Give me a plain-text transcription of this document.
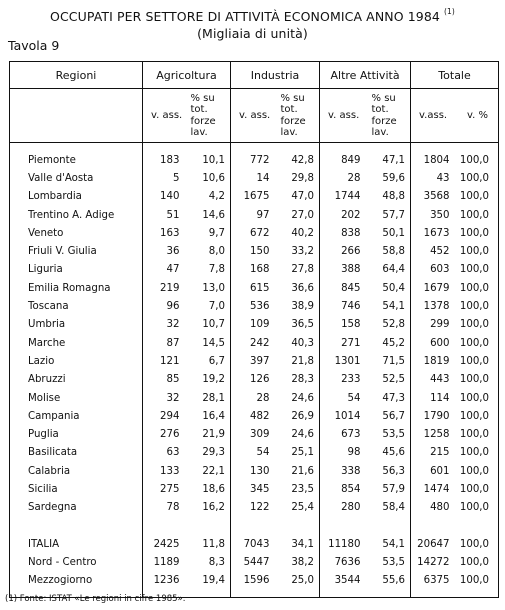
OCCUPATI PER SETTORE DI ATTIVITÀ ECONOMICA ANNO 1984 $^{(1)}$
(Migliaia di unità)
Tavola 9
Regioni	Agricoltura		Industria		Altre Attività		Totale	
	v. ass.	% su tot.
forze
lav.	v. ass.	% su tot.
forze
lav.	v. ass.	% su tot.
forze
lav.	v.ass.	v. %

Piemonte	183	10,1	772	42,8	849	47,1	1804	100,0
Valle d'Aosta	5	10,6	14	29,8	28	59,6	43	100,0
Lombardia	140	4,2	1675	47,0	1744	48,8	3568	100,0
Trentino A. Adige	51	14,6	97	27,0	202	57,7	350	100,0
Veneto	163	9,7	672	40,2	838	50,1	1673	100,0
Friuli V. Giulia	36	8,0	150	33,2	266	58,8	452	100,0
Liguria	47	7,8	168	27,8	388	64,4	603	100,0
Emilia Romagna	219	13,0	615	36,6	845	50,4	1679	100,0
Toscana	96	7,0	536	38,9	746	54,1	1378	100,0
Umbria	32	10,7	109	36,5	158	52,8	299	100,0
Marche	87	14,5	242	40,3	271	45,2	600	100,0
Lazio	121	6,7	397	21,8	1301	71,5	1819	100,0
Abruzzi	85	19,2	126	28,3	233	52,5	443	100,0
Molise	32	28,1	28	24,6	54	47,3	114	100,0
Campania	294	16,4	482	26,9	1014	56,7	1790	100,0
Puglia	276	21,9	309	24,6	673	53,5	1258	100,0
Basilicata	63	29,3	54	25,1	98	45,6	215	100,0
Calabria	133	22,1	130	21,6	338	56,3	601	100,0
Sicilia	275	18,6	345	23,5	854	57,9	1474	100,0
Sardegna	78	16,2	122	25,4	280	58,4	480	100,0

ITALIA	2425	11,8	7043	34,1	11180	54,1	20647	100,0
Nord - Centro	1189	8,3	5447	38,2	7636	53,5	14272	100,0
Mezzogiorno	1236	19,4	1596	25,0	3544	55,6	6375	100,0

(1) Fonte: ISTAT «Le regioni in cifre 1985».
